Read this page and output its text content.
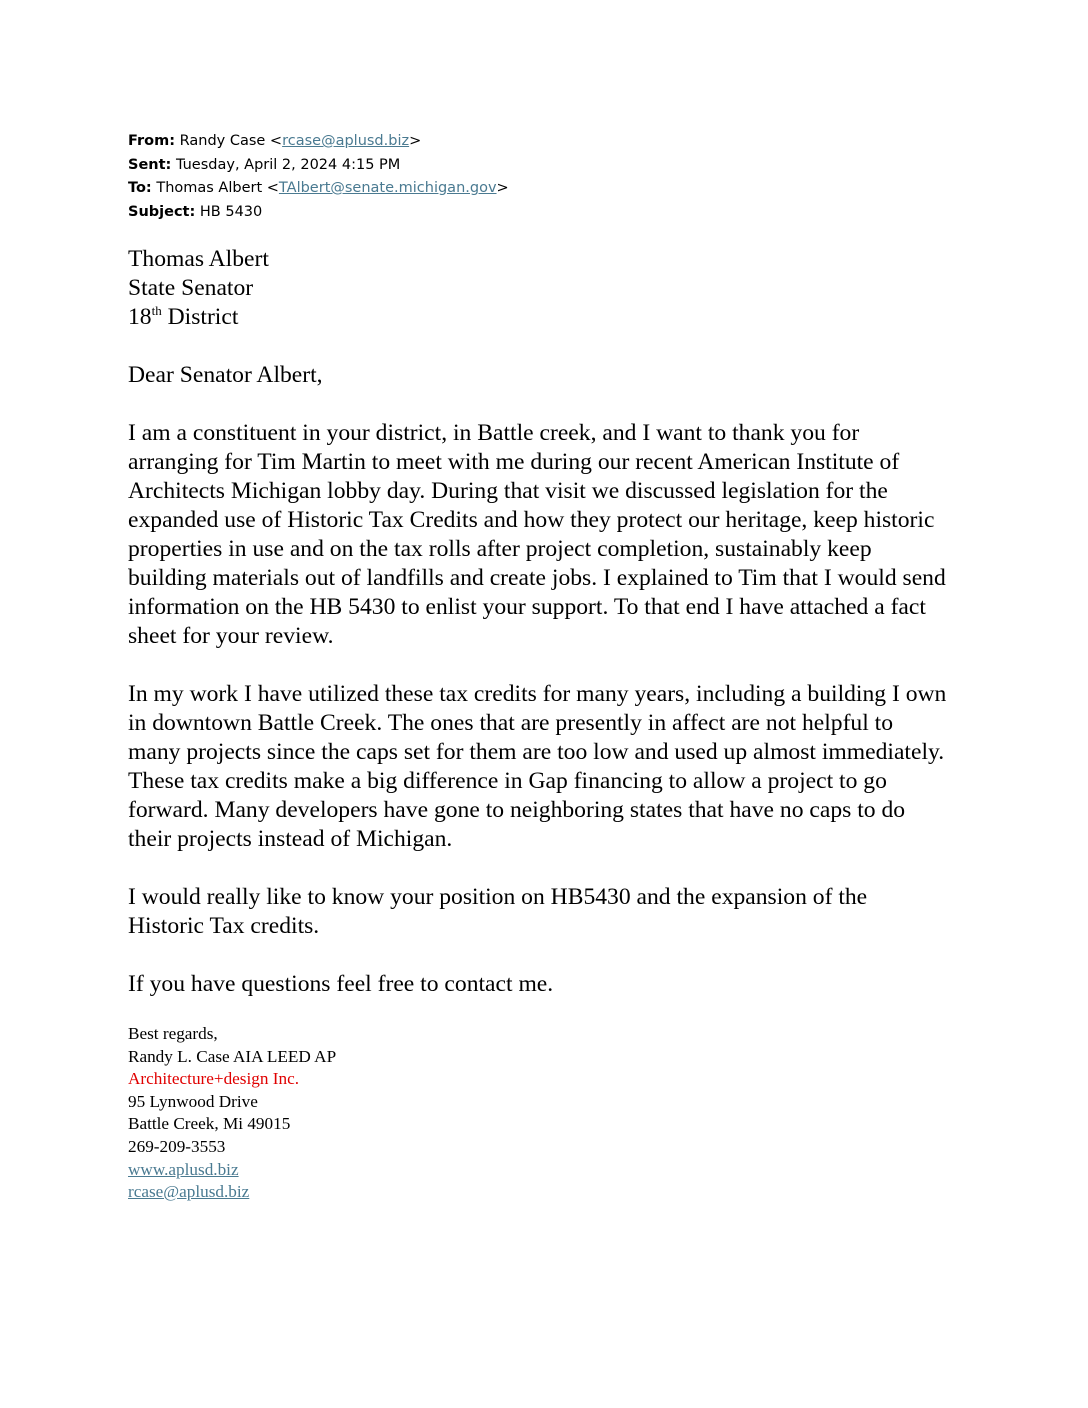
From: Randy Case <rcase@aplusd.biz>
Sent: Tuesday, April 2, 2024 4:15 PM
To: Thomas Albert <TAlbert@senate.michigan.gov>
Subject: HB 5430
Thomas Albert
State Senator
18th District

Dear Senator Albert,

I am a constituent in your district, in Battle creek, and I want to thank you for arranging for Tim Martin to meet with me during our recent American Institute of Architects Michigan lobby day. During that visit we discussed legislation for the expanded use of Historic Tax Credits and how they protect our heritage, keep historic properties in use and on the tax rolls after project completion, sustainably keep building materials out of landfills and create jobs. I explained to Tim that I would send information on the HB 5430 to enlist your support. To that end I have attached a fact sheet for your review.

In my work I have utilized these tax credits for many years, including a building I own in downtown Battle Creek. The ones that are presently in affect are not helpful to many projects since the caps set for them are too low and used up almost immediately. These tax credits make a big difference in Gap financing to allow a project to go forward. Many developers have gone to neighboring states that have no caps to do their projects instead of Michigan.

I would really like to know your position on HB5430 and the expansion of the Historic Tax credits.

If you have questions feel free to contact me.

Best regards,
Randy L. Case AIA LEED AP
Architecture+design Inc.
95 Lynwood Drive
Battle Creek, Mi 49015
269-209-3553
www.aplusd.biz
rcase@aplusd.biz
